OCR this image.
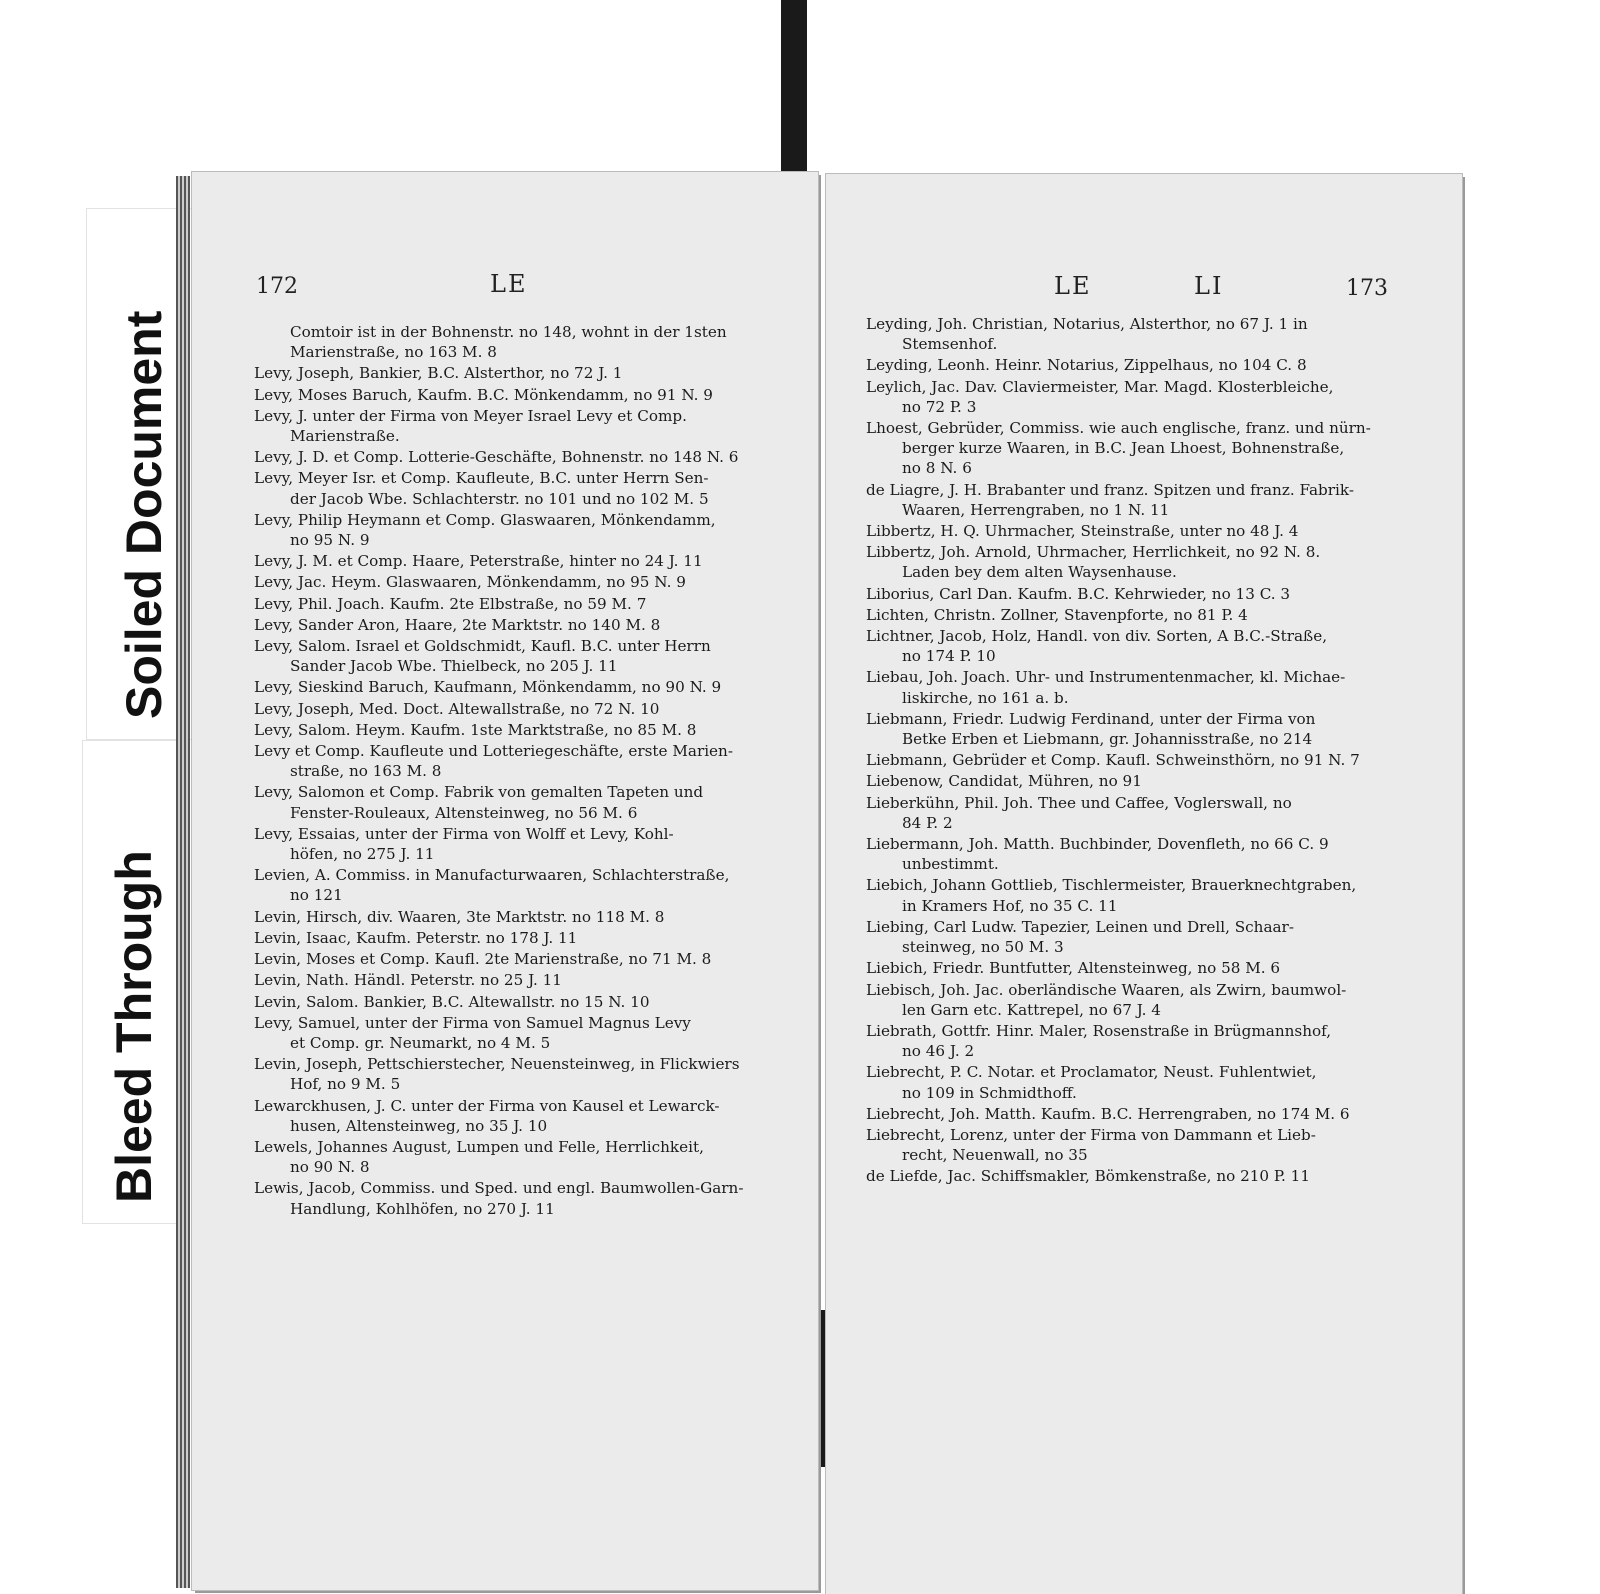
Soiled Document
Bleed Through
172	LE
Comtoir ist in der Bohnenstr. no 148, wohnt in der 1sten
Marienstraße, no 163 M. 8
Levy, Joseph, Bankier, B.C. Alsterthor, no 72 J. 1
Levy, Moses Baruch, Kaufm. B.C. Mönkendamm, no 91 N. 9
Levy, J. unter der Firma von Meyer Israel Levy et Comp.
Marienstraße.
Levy, J. D. et Comp. Lotterie-Geschäfte, Bohnenstr. no 148 N. 6
Levy, Meyer Isr. et Comp. Kaufleute, B.C. unter Herrn Sen-
der Jacob Wbe. Schlachterstr. no 101 und no 102 M. 5
Levy, Philip Heymann et Comp. Glaswaaren, Mönkendamm,
no 95 N. 9
Levy, J. M. et Comp. Haare, Peterstraße, hinter no 24 J. 11
Levy, Jac. Heym. Glaswaaren, Mönkendamm, no 95 N. 9
Levy, Phil. Joach. Kaufm. 2te Elbstraße, no 59 M. 7
Levy, Sander Aron, Haare, 2te Marktstr. no 140 M. 8
Levy, Salom. Israel et Goldschmidt, Kaufl. B.C. unter Herrn
Sander Jacob Wbe. Thielbeck, no 205 J. 11
Levy, Sieskind Baruch, Kaufmann, Mönkendamm, no 90 N. 9
Levy, Joseph, Med. Doct. Altewallstraße, no 72 N. 10
Levy, Salom. Heym. Kaufm. 1ste Marktstraße, no 85 M. 8
Levy et Comp. Kaufleute und Lotteriegeschäfte, erste Marien-
straße, no 163 M. 8
Levy, Salomon et Comp. Fabrik von gemalten Tapeten und
Fenster-Rouleaux, Altensteinweg, no 56 M. 6
Levy, Essaias, unter der Firma von Wolff et Levy, Kohl-
höfen, no 275 J. 11
Levien, A. Commiss. in Manufacturwaaren, Schlachterstraße,
no 121
Levin, Hirsch, div. Waaren, 3te Marktstr. no 118 M. 8
Levin, Isaac, Kaufm. Peterstr. no 178 J. 11
Levin, Moses et Comp. Kaufl. 2te Marienstraße, no 71 M. 8
Levin, Nath. Händl. Peterstr. no 25 J. 11
Levin, Salom. Bankier, B.C. Altewallstr. no 15 N. 10
Levy, Samuel, unter der Firma von Samuel Magnus Levy
et Comp. gr. Neumarkt, no 4 M. 5
Levin, Joseph, Pettschierstecher, Neuensteinweg, in Flickwiers
Hof, no 9 M. 5
Lewarckhusen, J. C. unter der Firma von Kausel et Lewarck-
husen, Altensteinweg, no 35 J. 10
Lewels, Johannes August, Lumpen und Felle, Herrlichkeit,
no 90 N. 8
Lewis, Jacob, Commiss. und Sped. und engl. Baumwollen-Garn-
Handlung, Kohlhöfen, no 270 J. 11
LE	LI	173
Leyding, Joh. Christian, Notarius, Alsterthor, no 67 J. 1 in
Stemsenhof.
Leyding, Leonh. Heinr. Notarius, Zippelhaus, no 104 C. 8
Leylich, Jac. Dav. Claviermeister, Mar. Magd. Klosterbleiche,
no 72 P. 3
Lhoest, Gebrüder, Commiss. wie auch englische, franz. und nürn-
berger kurze Waaren, in B.C. Jean Lhoest, Bohnenstraße,
no 8 N. 6
de Liagre, J. H. Brabanter und franz. Spitzen und franz. Fabrik-
Waaren, Herrengraben, no 1 N. 11
Libbertz, H. Q. Uhrmacher, Steinstraße, unter no 48 J. 4
Libbertz, Joh. Arnold, Uhrmacher, Herrlichkeit, no 92 N. 8.
Laden bey dem alten Waysenhause.
Liborius, Carl Dan. Kaufm. B.C. Kehrwieder, no 13 C. 3
Lichten, Christn. Zollner, Stavenpforte, no 81 P. 4
Lichtner, Jacob, Holz, Handl. von div. Sorten, A B.C.-Straße,
no 174 P. 10
Liebau, Joh. Joach. Uhr- und Instrumentenmacher, kl. Michae-
liskirche, no 161 a. b.
Liebmann, Friedr. Ludwig Ferdinand, unter der Firma von
Betke Erben et Liebmann, gr. Johannisstraße, no 214
Liebmann, Gebrüder et Comp. Kaufl. Schweinsthörn, no 91 N. 7
Liebenow, Candidat, Mühren, no 91
Lieberkühn, Phil. Joh. Thee und Caffee, Voglerswall, no
84 P. 2
Liebermann, Joh. Matth. Buchbinder, Dovenfleth, no 66 C. 9
unbestimmt.
Liebich, Johann Gottlieb, Tischlermeister, Brauerknechtgraben,
in Kramers Hof, no 35 C. 11
Liebing, Carl Ludw. Tapezier, Leinen und Drell, Schaar-
steinweg, no 50 M. 3
Liebich, Friedr. Buntfutter, Altensteinweg, no 58 M. 6
Liebisch, Joh. Jac. oberländische Waaren, als Zwirn, baumwol-
len Garn etc. Kattrepel, no 67 J. 4
Liebrath, Gottfr. Hinr. Maler, Rosenstraße in Brügmannshof,
no 46 J. 2
Liebrecht, P. C. Notar. et Proclamator, Neust. Fuhlentwiet,
no 109 in Schmidthoff.
Liebrecht, Joh. Matth. Kaufm. B.C. Herrengraben, no 174 M. 6
Liebrecht, Lorenz, unter der Firma von Dammann et Lieb-
recht, Neuenwall, no 35
de Liefde, Jac. Schiffsmakler, Bömkenstraße, no 210 P. 11
